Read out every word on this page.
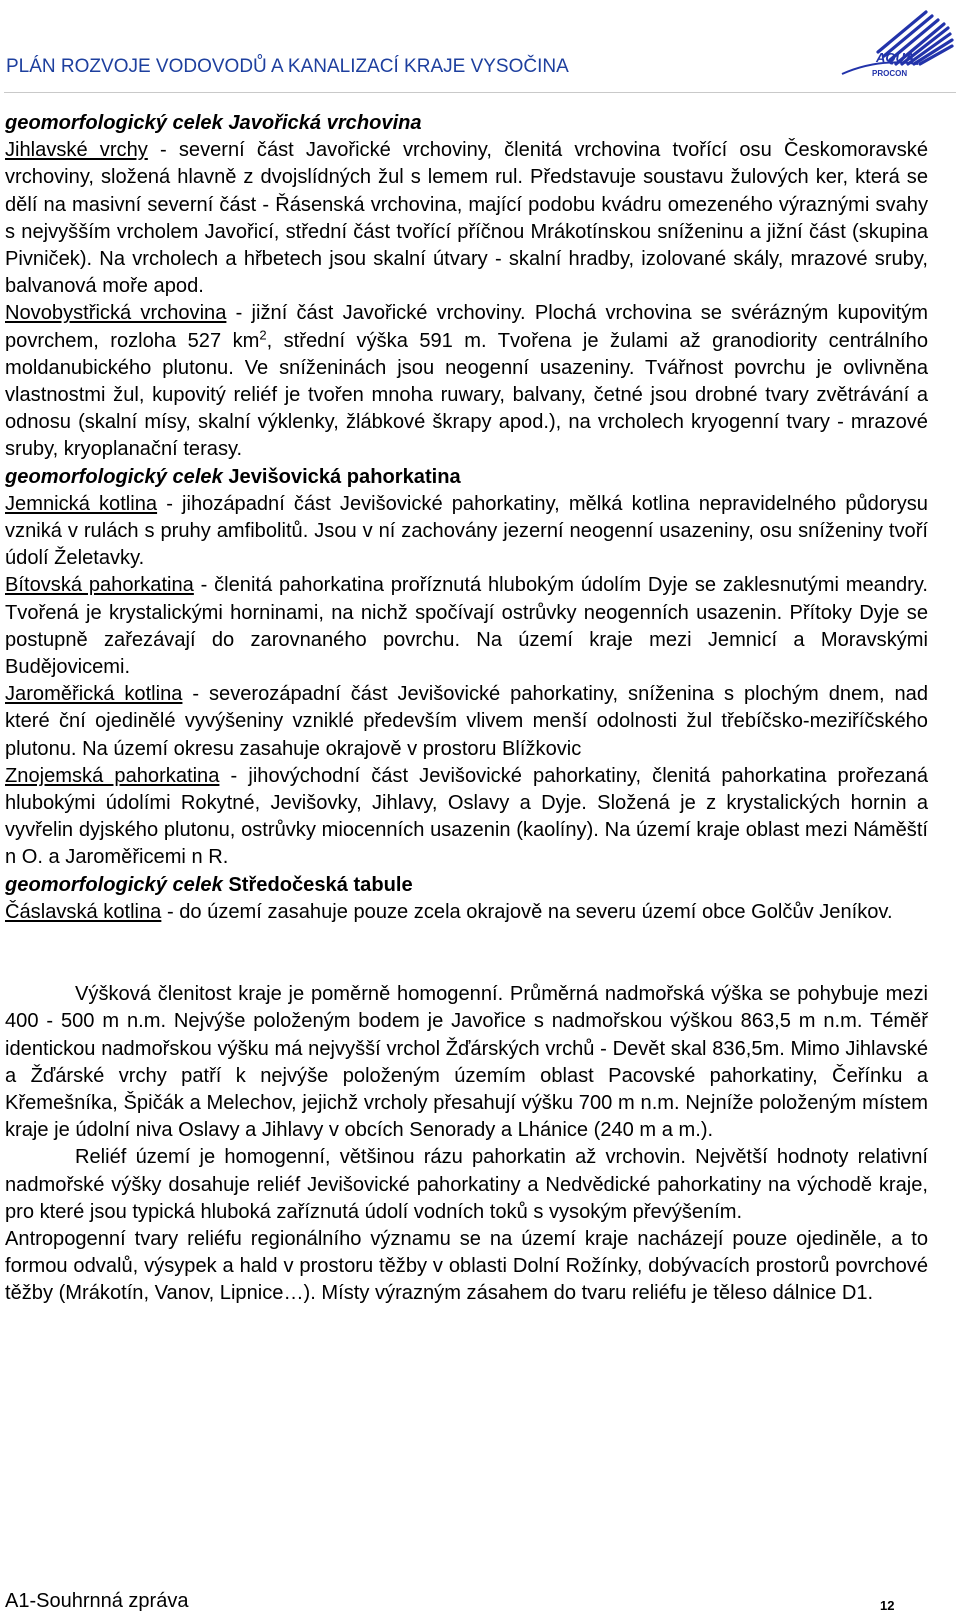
PLÁN ROZVOJE VODOVODŮ A KANALIZACÍ KRAJE VYSOČINA	AQUA
PROCON

geomorfologický celek Javořická vrchovina

Jihlavské vrchy - severní část Javořické vrchoviny, členitá vrchovina tvořící osu Českomoravské vrchoviny, složená hlavně z dvojslídných žul s lemem rul. Představuje soustavu žulových ker, která se dělí na masivní severní část - Řásenská vrchovina, mající podobu kvádru omezeného výraznými svahy s nejvyšším vrcholem Javořicí, střední část tvořící příčnou Mrákotínskou sníženinu a jižní část (skupina Pivniček). Na vrcholech a hřbetech jsou skalní útvary - skalní hradby, izolované skály, mrazové sruby, balvanová moře apod.

Novobystřická vrchovina - jižní část Javořické vrchoviny. Plochá vrchovina se svérázným kupovitým povrchem, rozloha 527 $km^2$, střední výška 591 m. Tvořena je žulami až granodiority centrálního moldanubického plutonu. Ve sníženinách jsou neogenní usazeniny. Tvářnost povrchu je ovlivněna vlastnostmi žul, kupovitý reliéf je tvořen mnoha ruwary, balvany, četné jsou drobné tvary zvětrávání a odnosu (skalní mísy, skalní výklenky, žlábkové škrapy apod.), na vrcholech kryogenní tvary - mrazové sruby, kryoplanační terasy.

geomorfologický celek Jevišovická pahorkatina

Jemnická kotlina - jihozápadní část Jevišovické pahorkatiny, mělká kotlina nepravidelného půdorysu vzniká v rulách s pruhy amfibolitů. Jsou v ní zachovány jezerní neogenní usazeniny, osu sníženiny tvoří údolí Želetavky.

Bítovská pahorkatina - členitá pahorkatina proříznutá hlubokým údolím Dyje se zaklesnutými meandry. Tvořená je krystalickými horninami, na nichž spočívají ostrůvky neogenních usazenin. Přítoky Dyje se postupně zařezávají do zarovnaného povrchu. Na území kraje mezi Jemnicí a Moravskými Budějovicemi.

Jaroměřická kotlina - severozápadní část Jevišovické pahorkatiny, sníženina s plochým dnem, nad které ční ojedinělé vyvýšeniny vzniklé především vlivem menší odolnosti žul třebíčsko-meziříčského plutonu. Na území okresu zasahuje okrajově v prostoru Blížkovic

Znojemská pahorkatina - jihovýchodní část Jevišovické pahorkatiny, členitá pahorkatina prořezaná hlubokými údolími Rokytné, Jevišovky, Jihlavy, Oslavy a Dyje. Složená je z krystalických hornin a vyvřelin dyjského plutonu, ostrůvky miocenních usazenin (kaolíny). Na území kraje oblast mezi Náměští n O. a Jaroměřicemi n R.

geomorfologický celek Středočeská tabule

Čáslavská kotlina - do území zasahuje pouze zcela okrajově na severu území obce Golčův Jeníkov.

Výšková členitost kraje je poměrně homogenní. Průměrná nadmořská výška se pohybuje mezi 400 - 500 m n.m. Nejvýše položeným bodem je Javořice s nadmořskou výškou 863,5 m n.m. Téměř identickou nadmořskou výšku má nejvyšší vrchol Žďárských vrchů - Devět skal 836,5m. Mimo Jihlavské a Žďárské vrchy patří k nejvýše položeným územím oblast Pacovské pahorkatiny, Čeřínku a Křemešníka, Špičák a Melechov, jejichž vrcholy přesahují výšku 700 m n.m. Nejníže položeným místem kraje je údolní niva Oslavy a Jihlavy v obcích Senorady a Lhánice (240 m a m.).

Reliéf území je homogenní, většinou rázu pahorkatin až vrchovin. Největší hodnoty relativní nadmořské výšky dosahuje reliéf Jevišovické pahorkatiny a Nedvědické pahorkatiny na východě kraje, pro které jsou typická hluboká zaříznutá údolí vodních toků s vysokým převýšením.

Antropogenní tvary reliéfu regionálního významu se na území kraje nacházejí pouze ojediněle, a to formou odvalů, výsypek a hald v prostoru těžby v oblasti Dolní Rožínky, dobývacích prostorů povrchové těžby (Mrákotín, Vanov, Lipnice…). Místy výrazným zásahem do tvaru reliéfu je těleso dálnice D1.

A1-Souhrnná zpráva	12
